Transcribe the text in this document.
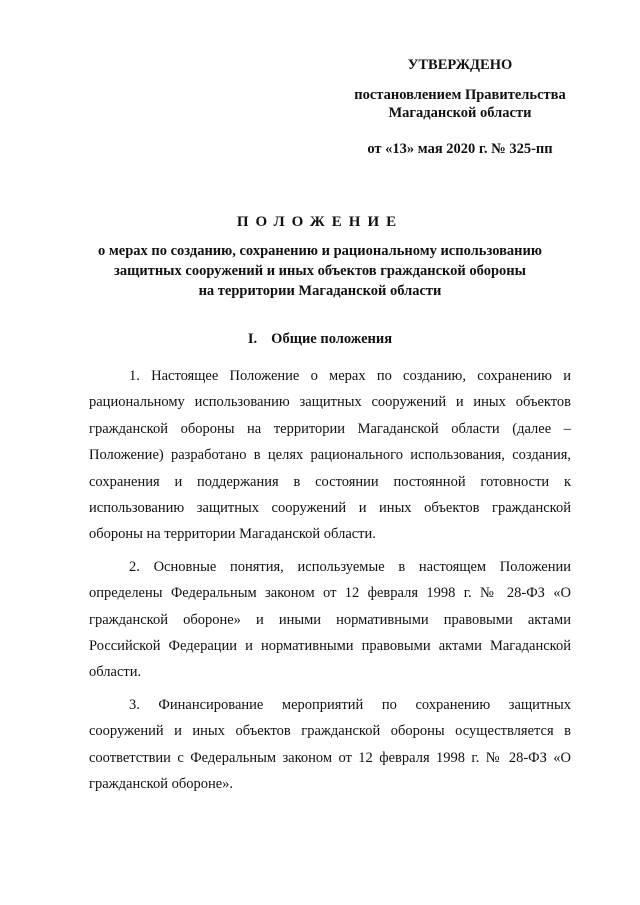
УТВЕРЖДЕНО
постановлением Правительства
Магаданской области
от «13» мая 2020 г. № 325-пп
ПОЛОЖЕНИЕ
о мерах по созданию, сохранению и рациональному использованию
защитных сооружений и иных объектов гражданской обороны
на территории Магаданской области
I. Общие положения

1. Настоящее Положение о мерах по созданию, сохранению и рациональному использованию защитных сооружений и иных объектов гражданской обороны на территории Магаданской области (далее – Положение) разработано в целях рационального использования, создания, сохранения и поддержания в состоянии постоянной готовности к использованию защитных сооружений и иных объектов гражданской обороны на территории Магаданской области.

2. Основные понятия, используемые в настоящем Положении определены Федеральным законом от 12 февраля 1998 г. № 28-ФЗ «О гражданской обороне» и иными нормативными правовыми актами Российской Федерации и нормативными правовыми актами Магаданской области.

3. Финансирование мероприятий по сохранению защитных сооружений и иных объектов гражданской обороны осуществляется в соответствии с Федеральным законом от 12 февраля 1998 г. № 28-ФЗ «О гражданской обороне».
